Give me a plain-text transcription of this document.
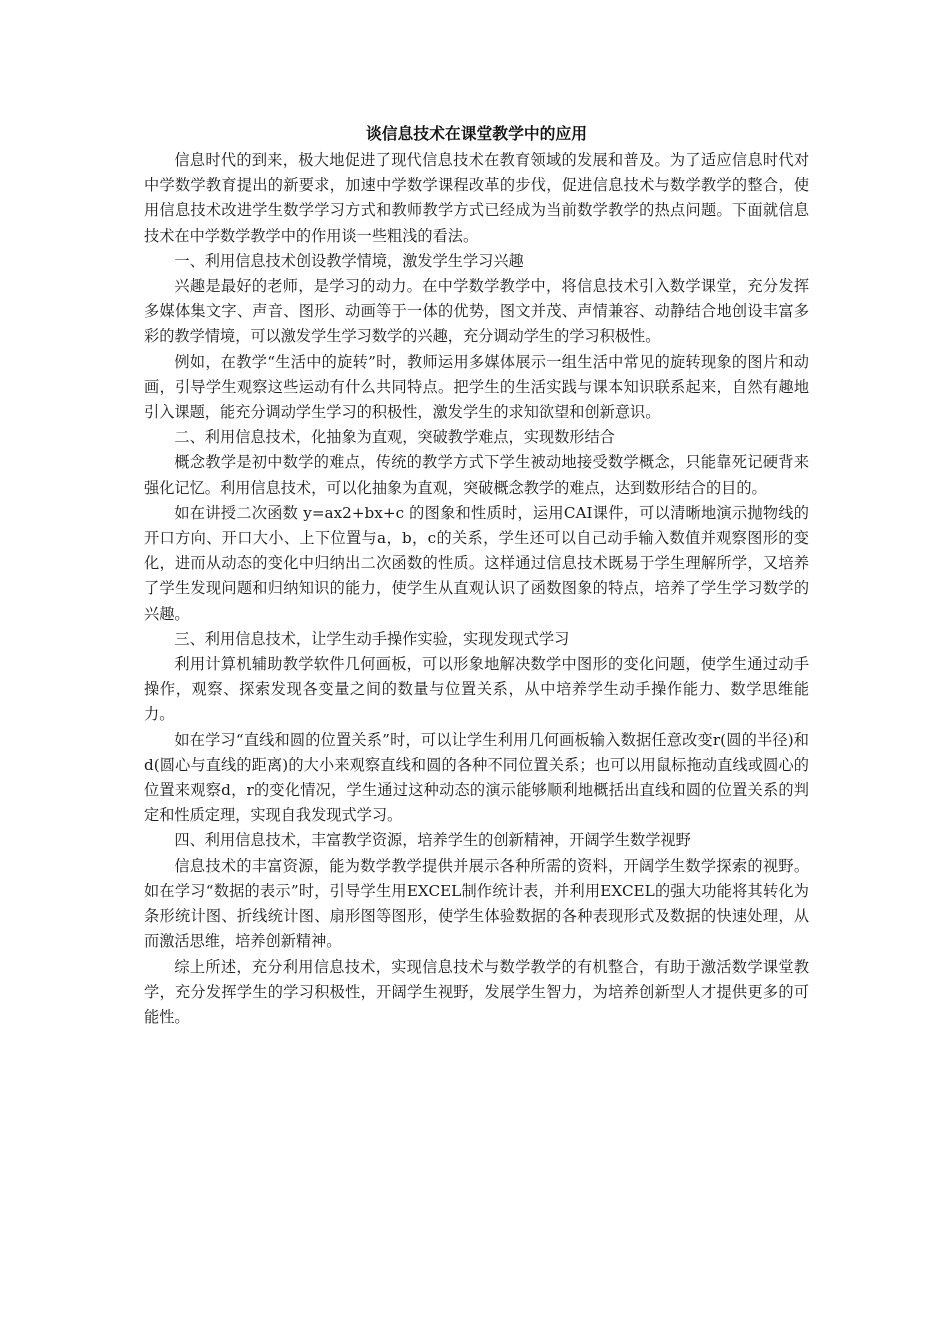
谈信息技术在课堂教学中的应用

信息时代的到来，极大地促进了现代信息技术在教育领域的发展和普及。为了适应信息时代对中学数学教育提出的新要求，加速中学数学课程改革的步伐，促进信息技术与数学教学的整合，使用信息技术改进学生数学学习方式和教师教学方式已经成为当前数学教学的热点问题。下面就信息技术在中学数学教学中的作用谈一些粗浅的看法。

一、利用信息技术创设教学情境，激发学生学习兴趣

兴趣是最好的老师，是学习的动力。在中学数学教学中，将信息技术引入数学课堂，充分发挥多媒体集文字、声音、图形、动画等于一体的优势，图文并茂、声情兼容、动静结合地创设丰富多彩的教学情境，可以激发学生学习数学的兴趣，充分调动学生的学习积极性。

例如，在教学“生活中的旋转”时，教师运用多媒体展示一组生活中常见的旋转现象的图片和动画，引导学生观察这些运动有什么共同特点。把学生的生活实践与课本知识联系起来，自然有趣地引入课题，能充分调动学生学习的积极性，激发学生的求知欲望和创新意识。

二、利用信息技术，化抽象为直观，突破教学难点，实现数形结合

概念教学是初中数学的难点，传统的教学方式下学生被动地接受数学概念，只能靠死记硬背来强化记忆。利用信息技术，可以化抽象为直观，突破概念教学的难点，达到数形结合的目的。

如在讲授二次函数 y=ax2+bx+c 的图象和性质时，运用CAI课件，可以清晰地演示抛物线的开口方向、开口大小、上下位置与a，b，c的关系，学生还可以自己动手输入数值并观察图形的变化，进而从动态的变化中归纳出二次函数的性质。这样通过信息技术既易于学生理解所学，又培养了学生发现问题和归纳知识的能力，使学生从直观认识了函数图象的特点，培养了学生学习数学的兴趣。

三、利用信息技术，让学生动手操作实验，实现发现式学习

利用计算机辅助教学软件几何画板，可以形象地解决数学中图形的变化问题，使学生通过动手操作，观察、探索发现各变量之间的数量与位置关系，从中培养学生动手操作能力、数学思维能力。

如在学习“直线和圆的位置关系”时，可以让学生利用几何画板输入数据任意改变r(圆的半径)和d(圆心与直线的距离)的大小来观察直线和圆的各种不同位置关系；也可以用鼠标拖动直线或圆心的位置来观察d，r的变化情况，学生通过这种动态的演示能够顺利地概括出直线和圆的位置关系的判定和性质定理，实现自我发现式学习。

四、利用信息技术，丰富教学资源，培养学生的创新精神，开阔学生数学视野

信息技术的丰富资源，能为数学教学提供并展示各种所需的资料，开阔学生数学探索的视野。如在学习“数据的表示”时，引导学生用EXCEL制作统计表，并利用EXCEL的强大功能将其转化为条形统计图、折线统计图、扇形图等图形，使学生体验数据的各种表现形式及数据的快速处理，从而激活思维，培养创新精神。

综上所述，充分利用信息技术，实现信息技术与数学教学的有机整合，有助于激活数学课堂教学，充分发挥学生的学习积极性，开阔学生视野，发展学生智力，为培养创新型人才提供更多的可能性。
